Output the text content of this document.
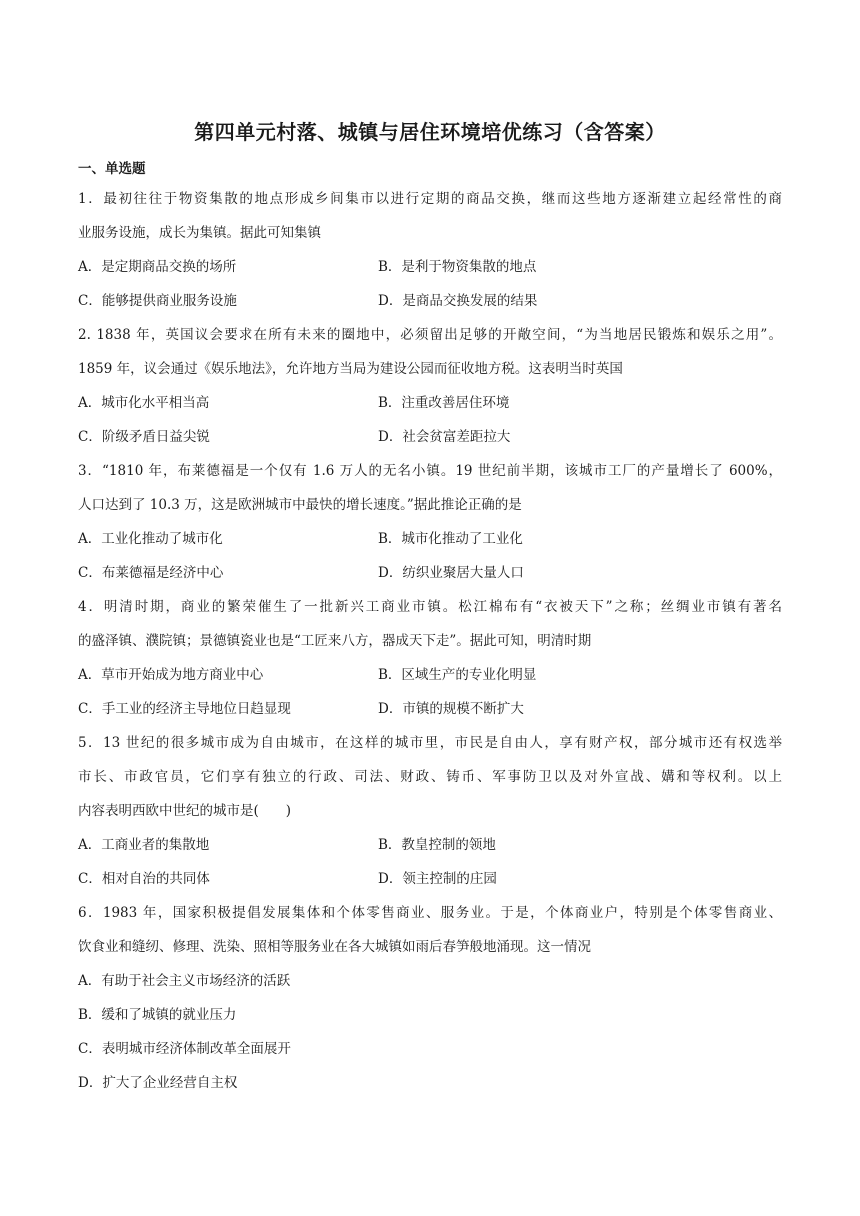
第四单元村落、城镇与居住环境培优练习（含答案）
一、单选题
1．最初往往于物资集散的地点形成乡间集市以进行定期的商品交换，继而这些地方逐渐建立起经常性的商
业服务设施，成长为集镇。据此可知集镇
A．是定期商品交换的场所	B．是利于物资集散的地点
C．能够提供商业服务设施	D．是商品交换发展的结果
2. 1838 年，英国议会要求在所有未来的圈地中，必须留出足够的开敞空间，“为当地居民锻炼和娱乐之用”。
1859 年，议会通过《娱乐地法》，允许地方当局为建设公园而征收地方税。这表明当时英国
A．城市化水平相当高	B．注重改善居住环境
C．阶级矛盾日益尖锐	D．社会贫富差距拉大
3．“1810 年，布莱德福是一个仅有 1.6 万人的无名小镇。19 世纪前半期，该城市工厂的产量增长了 600%，
人口达到了 10.3 万，这是欧洲城市中最快的增长速度。”据此推论正确的是
A．工业化推动了城市化	B．城市化推动了工业化
C．布莱德福是经济中心	D．纺织业聚居大量人口
4．明清时期，商业的繁荣催生了一批新兴工商业市镇。松江棉布有“衣被天下”之称；丝绸业市镇有著名
的盛泽镇、濮院镇；景德镇瓷业也是“工匠来八方，器成天下走”。据此可知，明清时期
A．草市开始成为地方商业中心	B．区域生产的专业化明显
C．手工业的经济主导地位日趋显现	D．市镇的规模不断扩大
5．13 世纪的很多城市成为自由城市，在这样的城市里，市民是自由人，享有财产权，部分城市还有权选举
市长、市政官员，它们享有独立的行政、司法、财政、铸币、军事防卫以及对外宣战、媾和等权利。以上
内容表明西欧中世纪的城市是(　　)
A．工商业者的集散地	B．教皇控制的领地
C．相对自治的共同体	D．领主控制的庄园
6．1983 年，国家积极提倡发展集体和个体零售商业、服务业。于是，个体商业户，特别是个体零售商业、
饮食业和缝纫、修理、洗染、照相等服务业在各大城镇如雨后春笋般地涌现。这一情况
A．有助于社会主义市场经济的活跃
B．缓和了城镇的就业压力
C．表明城市经济体制改革全面展开
D．扩大了企业经营自主权
